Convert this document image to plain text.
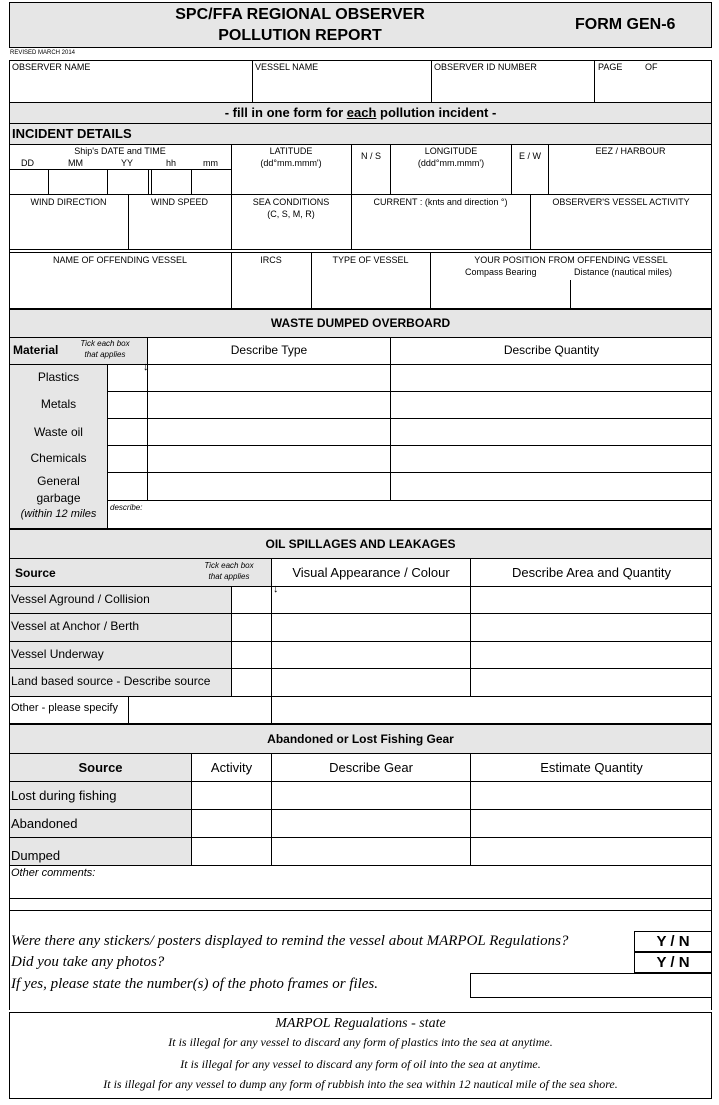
SPC/FFA REGIONAL OBSERVER
POLLUTION REPORT
FORM GEN-6
REVISED MARCH 2014
OBSERVER NAME	VESSEL NAME	OBSERVER ID NUMBER	PAGE	OF
- fill in one form for each pollution incident -
INCIDENT DETAILS
Ship's DATE and TIME
DD	MM	YY	hh	mm
LATITUDE
(dd°mm.mmm')
N / S	LONGITUDE
(ddd°mm.mmm')
E / W	EEZ / HARBOUR
WIND DIRECTION	WIND SPEED	SEA CONDITIONS
(C, S, M, R)
CURRENT : (knts and direction °)	OBSERVER'S VESSEL ACTIVITY
NAME OF OFFENDING VESSEL	IRCS	TYPE OF VESSEL	YOUR POSITION FROM OFFENDING VESSEL
Compass Bearing	Distance (nautical miles)
WASTE DUMPED OVERBOARD
Material	Tick each box
that applies
↓
Describe Type	Describe Quantity
Plastics
Metals
Waste oil
Chemicals
General
garbage
(within 12 miles
describe:
OIL SPILLAGES AND LEAKAGES
Source
Tick each box
that applies
↓
Visual Appearance / Colour	Describe Area and Quantity
Vessel Aground / Collision
Vessel at Anchor / Berth
Vessel Underway
Land based source - Describe source
Other - please specify
Abandoned or Lost Fishing Gear
Source	Activity	Describe Gear	Estimate Quantity
Lost during fishing
Abandoned
Dumped
Other comments:
Were there any stickers/ posters displayed to remind the vessel about MARPOL Regulations?
Did you take any photos?
If yes, please state the number(s) of the photo frames or files.
Y / N
Y / N
MARPOL Regualations - state
It is illegal for any vessel to discard any form of plastics into the sea at anytime.
It is illegal for any vessel to discard any form of oil into the sea at anytime.
It is illegal for any vessel to dump any form of rubbish into the sea within 12 nautical mile of the sea shore.
